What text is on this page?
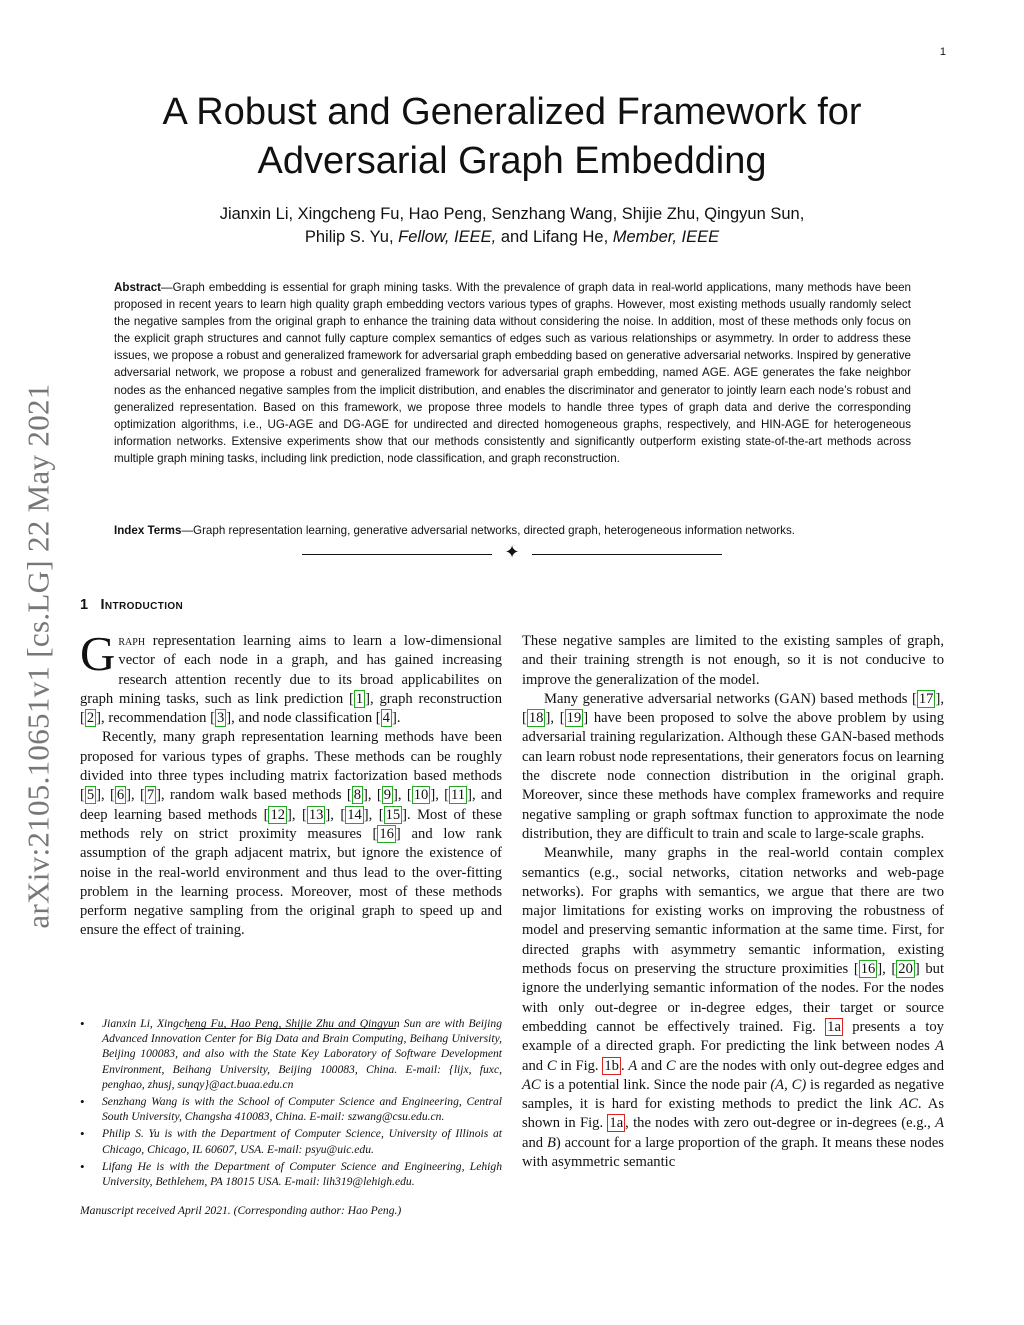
1
arXiv:2105.10651v1 [cs.LG] 22 May 2021
A Robust and Generalized Framework for
Adversarial Graph Embedding
Jianxin Li, Xingcheng Fu, Hao Peng, Senzhang Wang, Shijie Zhu, Qingyun Sun,
Philip S. Yu, Fellow, IEEE, and Lifang He, Member, IEEE
Abstract—Graph embedding is essential for graph mining tasks. With the prevalence of graph data in real-world applications, many methods have been proposed in recent years to learn high quality graph embedding vectors various types of graphs. However, most existing methods usually randomly select the negative samples from the original graph to enhance the training data without considering the noise. In addition, most of these methods only focus on the explicit graph structures and cannot fully capture complex semantics of edges such as various relationships or asymmetry. In order to address these issues, we propose a robust and generalized framework for adversarial graph embedding based on generative adversarial networks. Inspired by generative adversarial network, we propose a robust and generalized framework for adversarial graph embedding, named AGE. AGE generates the fake neighbor nodes as the enhanced negative samples from the implicit distribution, and enables the discriminator and generator to jointly learn each node’s robust and generalized representation. Based on this framework, we propose three models to handle three types of graph data and derive the corresponding optimization algorithms, i.e., UG-AGE and DG-AGE for undirected and directed homogeneous graphs, respectively, and HIN-AGE for heterogeneous information networks. Extensive experiments show that our methods consistently and significantly outperform existing state-of-the-art methods across multiple graph mining tasks, including link prediction, node classification, and graph reconstruction.
Index Terms—Graph representation learning, generative adversarial networks, directed graph, heterogeneous information networks.
✦
1 Introduction

Graph representation learning aims to learn a low-dimensional vector of each node in a graph, and has gained increasing research attention recently due to its broad applicabilites on graph mining tasks, such as link prediction [ 1 ], graph reconstruction [ 2 ], recommendation [ 3 ], and node classification [ 4 ].

Recently, many graph representation learning methods have been proposed for various types of graphs. These methods can be roughly divided into three types including matrix factorization based methods [ 5 ], [ 6 ], [ 7 ], random walk based methods [ 8 ], [ 9 ], [ 10 ], [ 11 ], and deep learning based methods [ 12 ], [ 13 ], [ 14 ], [ 15 ]. Most of these methods rely on strict proximity measures [ 16 ] and low rank assumption of the graph adjacent matrix, but ignore the existence of noise in the real-world environment and thus lead to the over-fitting problem in the learning process. Moreover, most of these methods perform negative sampling from the original graph to speed up and ensure the effect of training.

• Jianxin Li, Xingcheng Fu, Hao Peng, Shijie Zhu and Qingyun Sun are with Beijing Advanced Innovation Center for Big Data and Brain Computing, Beihang University, Beijing 100083, and also with the State Key Laboratory of Software Development Environment, Beihang University, Beijing 100083, China. E-mail: {lijx, fuxc, penghao, zhusj, sunqy}@act.buaa.edu.cn
• Senzhang Wang is with the School of Computer Science and Engineering, Central South University, Changsha 410083, China. E-mail: szwang@csu.edu.cn.
• Philip S. Yu is with the Department of Computer Science, University of Illinois at Chicago, Chicago, IL 60607, USA. E-mail: psyu@uic.edu.
• Lifang He is with the Department of Computer Science and Engineering, Lehigh University, Bethlehem, PA 18015 USA. E-mail: lih319@lehigh.edu.
Manuscript received April 2021. (Corresponding author: Hao Peng.)

These negative samples are limited to the existing samples of graph, and their training strength is not enough, so it is not conducive to improve the generalization of the model.

Many generative adversarial networks (GAN) based methods [ 17 ], [ 18 ], [ 19 ] have been proposed to solve the above problem by using adversarial training regularization. Although these GAN-based methods can learn robust node representations, their generators focus on learning the discrete node connection distribution in the original graph. Moreover, since these methods have complex frameworks and require negative sampling or graph softmax function to approximate the node distribution, they are difficult to train and scale to large-scale graphs.

Meanwhile, many graphs in the real-world contain complex semantics (e.g., social networks, citation networks and web-page networks). For graphs with semantics, we argue that there are two major limitations for existing works on improving the robustness of model and preserving semantic information at the same time. First, for directed graphs with asymmetry semantic information, existing methods focus on preserving the structure proximities [ 16 ], [ 20 ] but ignore the underlying semantic information of the nodes. For the nodes with only out-degree or in-degree edges, their target or source embedding cannot be effectively trained. Fig. 1a presents a toy example of a directed graph. For predicting the link between nodes A and C in Fig. 1b . A and C are the nodes with only out-degree edges and AC is a potential link. Since the node pair (A, C) is regarded as negative samples, it is hard for existing methods to predict the link AC. As shown in Fig. 1a , the nodes with zero out-degree or in-degrees (e.g., A and B) account for a large proportion of the graph. It means these nodes with asymmetric semantic
